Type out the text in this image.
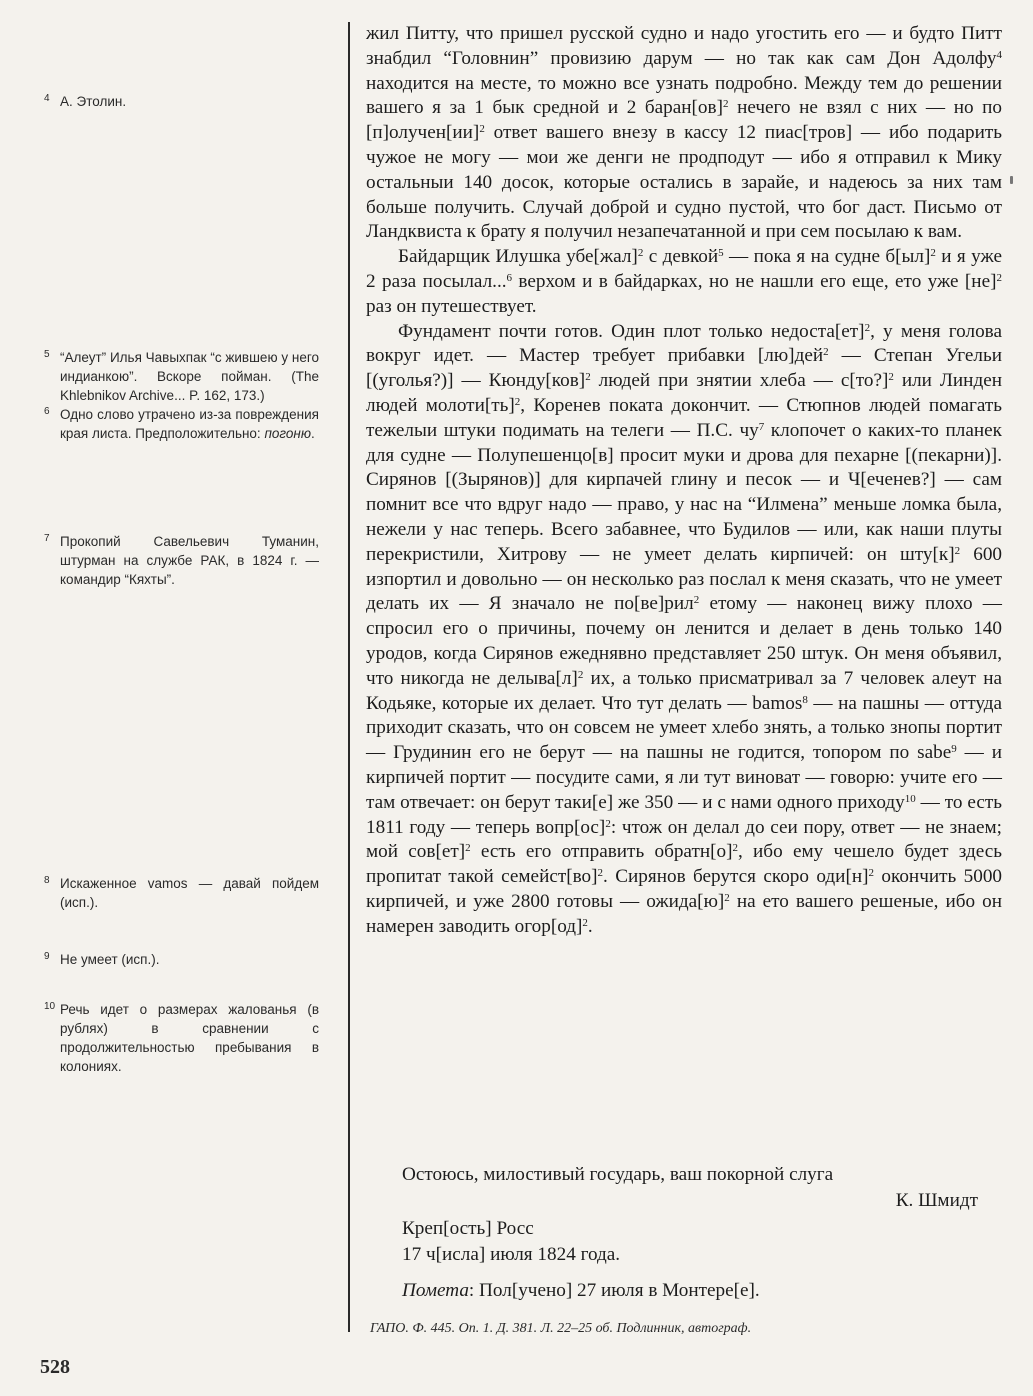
4 А. Этолин.
5 “Алеут” Илья Чавыхпак “с жившею у него индианкою”. Вскоре пойман. (The Khlebnikov Archive... P. 162, 173.)
6 Одно слово утрачено из-за повреждения края листа. Предположительно: погоню.
7 Прокопий Савельевич Туманин, штурман на службе РАК, в 1824 г. — командир “Кяхты”.
8 Искаженное vamos — давай пойдем (исп.).
9 Не умеет (исп.).
10 Речь идет о размерах жалованья (в рублях) в сравнении с продолжительностью пребывания в колониях.

жил Питту, что пришел русской судно и надо угостить его — и будто Питт знабдил “Головнин” провизию дарум — но так как сам Дон Адолфу$^4$ находится на месте, то можно все узнать подробно. Между тем до решении вашего я за 1 бык средной и 2 баран[ов]$^2$ нечего не взял с них — но по [п]олучен[ии]$^2$ ответ вашего внезу в кассу 12 пиас[тров] — ибо подарить чужое не могу — мои же денги не продподут — ибо я отправил к Мику остальныи 140 досок, которые остались в зарайе, и надеюсь за них там больше получить. Случай доброй и судно пустой, что бог даст. Письмо от Ландквиста к брату я получил незапечатанной и при сем посылаю к вам.

Байдарщик Илушка убе[жал]$^2$ с девкой$^5$ — пока я на судне б[ыл]$^2$ и я уже 2 раза посылал...$^6$ верхом и в байдарках, но не нашли его еще, ето уже [не]$^2$ раз он путешествует.

Фундамент почти готов. Один плот только недоста[ет]$^2$, у меня голова вокруг идет. — Мастер требует прибавки [лю]дей$^2$ — Степан Угельи [(уголья?)] — Кюнду[ков]$^2$ людей при знятии хлеба — с[то?]$^2$ или Линден людей молоти[ть]$^2$, Коренев поката докончит. — Стюпнов людей помагать тежелыи штуки подимать на телеги — П.С. $чу^7$ клопочет о каких-то планек для судне — Полупешенцо[в] просит муки и дрова для пехарне [(пекарни)]. Сирянов [(Зырянов)] для кирпачей глину и песок — и Ч[еченев?] — сам помнит все что вдруг надо — право, у нас на “Илмена” меньше ломка была, нежели у нас теперь. Всего забавнее, что Будилов — или, как наши плуты перекристили, Хитрову — не умеет делать кирпичей: он $шту[к]^2$ 600 изпортил и довольно — он несколько раз послал к меня сказать, что не умеет делать их — Я значало не по[ве]рил$^2$ етому — наконец вижу плохо — спросил его о причины, почему он ленится и делает в день только 140 уродов, когда Сирянов ежеднявно представляет 250 штук. Он меня объявил, что никогда не $делыва[л]^2$ их, а только присматривал за 7 человек алеут на Кодьяке, которые их делает. Что тут делать — bamos$^8$ — на пашны — оттуда приходит сказать, что он совсем не умеет хлебо знять, а только знопы портит — Грудинин его не берут — на пашны не годится, топором по sabe$^9$ — и кирпичей портит — посудите сами, я ли тут виноват — говорю: учите его — там отвечает: он берут таки[е] же 350 — и с нами одного приходу$^{10}$ — то есть 1811 году — теперь вопр[ос]$^2$: чтож он делал до сеи пору, ответ — не знаем; мой сов[ет]$^2$ есть его отправить $обратн[о]^2$, ибо ему чешело будет здесь пропитат такой семейст[во]$^2$. Сирянов берутся скоро $оди[н]^2$ окончить 5000 кирпичей, и уже 2800 готовы — $ожида[ю]^2$ на ето вашего решеные, ибо он намерен заводить огор[од]$^2$.

Остоюсь, милостивый государь, ваш покорной слуга
К. Шмидт
Креп[ость] Росс
17 ч[исла] июля 1824 года.
Помета: Пол[учено] 27 июля в Монтере[е].
ГАПО. Ф. 445. Оп. 1. Д. 381. Л. 22–25 об. Подлинник, автограф.
528
